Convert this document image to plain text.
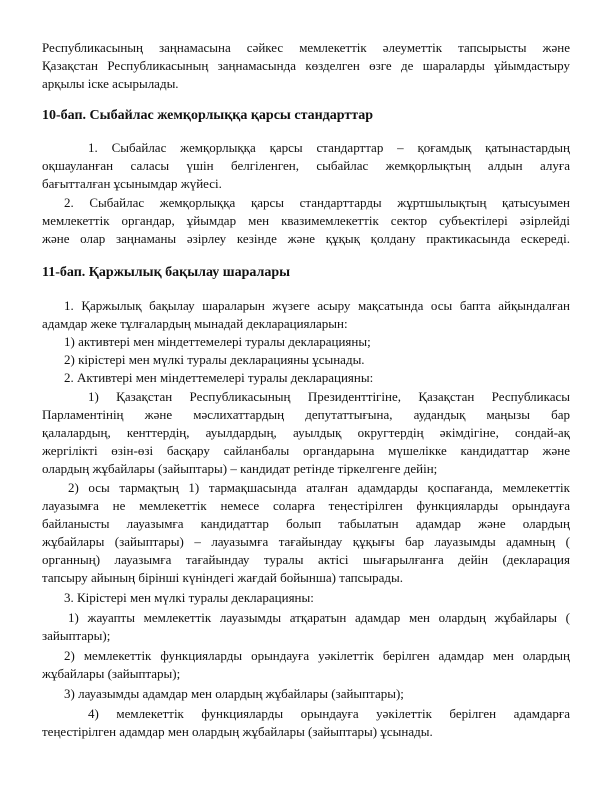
Республикасының заңнамасына сәйкес мемлекеттік әлеуметтік тапсырысты және
Қазақстан Республикасының заңнамасында көзделген өзге де шараларды ұйымдастыру
арқылы іске асырылады.
10-бап. Сыбайлас жемқорлыққа қарсы стандарттар
1. Сыбайлас жемқорлыққа қарсы стандарттар – қоғамдық қатынастардың
оқшауланған саласы үшін белгіленген, сыбайлас жемқорлықтың алдын алуға
бағытталған ұсынымдар жүйесі.
2. Сыбайлас жемқорлыққа қарсы стандарттарды жұртшылықтың қатысуымен
мемлекеттік органдар, ұйымдар мен квазимемлекеттік сектор субъектілері әзірлейді
және олар заңнаманы әзірлеу кезінде және құқық қолдану практикасында ескереді.
11-бап. Қаржылық бақылау шаралары
1. Қаржылық бақылау шараларын жүзеге асыру мақсатында осы бапта айқындалған
адамдар жеке тұлғалардың мынадай декларацияларын:
1) активтері мен міндеттемелері туралы декларацияны;
2) кірістері мен мүлкі туралы декларацияны ұсынады.
2. Активтері мен міндеттемелері туралы декларацияны:
1) Қазақстан Республикасының Президенттігіне, Қазақстан Республикасы
Парламентінің және мәслихаттардың депутаттығына, аудандық маңызы бар
қалалардың, кенттердің, ауылдардың, ауылдық округтердің әкімдігіне, сондай-ақ
жергілікті өзін-өзі басқару сайланбалы органдарына мүшелікке кандидаттар және
олардың жұбайлары (зайыптары) – кандидат ретінде тіркелгенге дейін;
2) осы тармақтың 1) тармақшасында аталған адамдарды қоспағанда, мемлекеттік
лауазымға не мемлекеттік немесе соларға теңестірілген функцияларды орындауға
байланысты лауазымға кандидаттар болып табылатын адамдар және олардың
жұбайлары (зайыптары) – лауазымға тағайындау құқығы бар лауазымды адамның (
органның) лауазымға тағайындау туралы актісі шығарылғанға дейін (декларация
тапсыру айының бірінші күніндегі жағдай бойынша) тапсырады.
3. Кірістері мен мүлкі туралы декларацияны:
1) жауапты мемлекеттік лауазымды атқаратын адамдар мен олардың жұбайлары (
зайыптары);
2) мемлекеттік функцияларды орындауға уәкілеттік берілген адамдар мен олардың
жұбайлары (зайыптары);
3) лауазымды адамдар мен олардың жұбайлары (зайыптары);
4) мемлекеттік функцияларды орындауға уәкілеттік берілген адамдарға
теңестірілген адамдар мен олардың жұбайлары (зайыптары) ұсынады.
